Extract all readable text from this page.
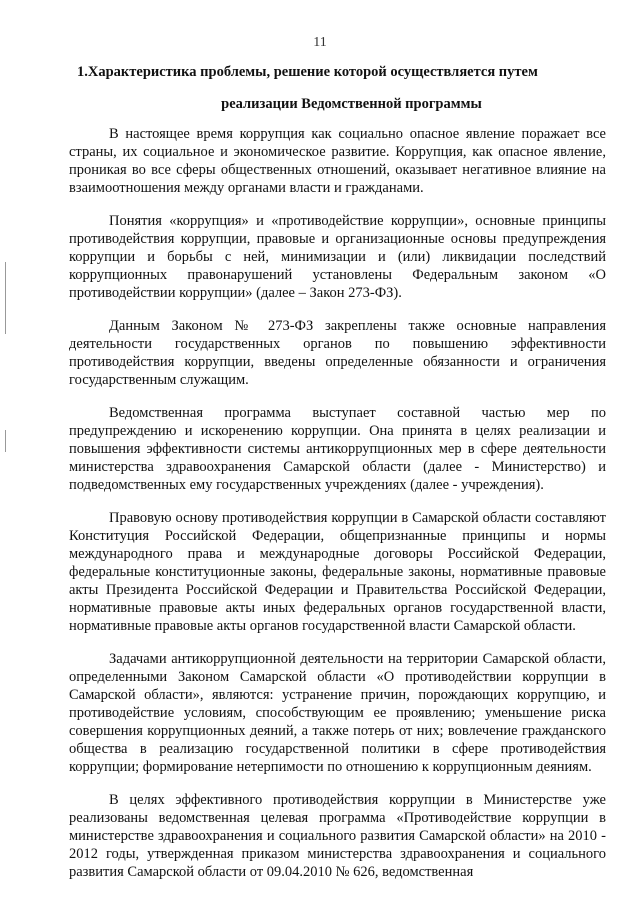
11
1.Характеристика проблемы, решение которой осуществляется путем
реализации Ведомственной программы

В настоящее время коррупция как социально опасное явление поражает все страны, их социальное и экономическое развитие. Коррупция, как опасное явление, проникая во все сферы общественных отношений, оказывает негативное влияние на взаимоотношения между органами власти и гражданами.

Понятия «коррупция» и «противодействие коррупции», основные принципы противодействия коррупции, правовые и организационные основы предупреждения коррупции и борьбы с ней, минимизации и (или) ликвидации последствий коррупционных правонарушений установлены Федеральным законом «О противодействии коррупции» (далее – Закон 273-ФЗ).

Данным Законом № 273-ФЗ закреплены также основные направления деятельности государственных органов по повышению эффективности противодействия коррупции, введены определенные обязанности и ограничения государственным служащим.

Ведомственная программа выступает составной частью мер по предупреждению и искоренению коррупции. Она принята в целях реализации и повышения эффективности системы антикоррупционных мер в сфере деятельности министерства здравоохранения Самарской области (далее - Министерство) и подведомственных ему государственных учреждениях (далее - учреждения).

Правовую основу противодействия коррупции в Самарской области составляют Конституция Российской Федерации, общепризнанные принципы и нормы международного права и международные договоры Российской Федерации, федеральные конституционные законы, федеральные законы, нормативные правовые акты Президента Российской Федерации и Правительства Российской Федерации, нормативные правовые акты иных федеральных органов государственной власти, нормативные правовые акты органов государственной власти Самарской области.

Задачами антикоррупционной деятельности на территории Самарской области, определенными Законом Самарской области «О противодействии коррупции в Самарской области», являются: устранение причин, порождающих коррупцию, и противодействие условиям, способствующим ее проявлению; уменьшение риска совершения коррупционных деяний, а также потерь от них; вовлечение гражданского общества в реализацию государственной политики в сфере противодействия коррупции; формирование нетерпимости по отношению к коррупционным деяниям.

В целях эффективного противодействия коррупции в Министерстве уже реализованы ведомственная целевая программа «Противодействие коррупции в министерстве здравоохранения и социального развития Самарской области» на 2010 - 2012 годы, утвержденная приказом министерства здравоохранения и социального развития Самарской области от 09.04.2010 № 626, ведомственная
